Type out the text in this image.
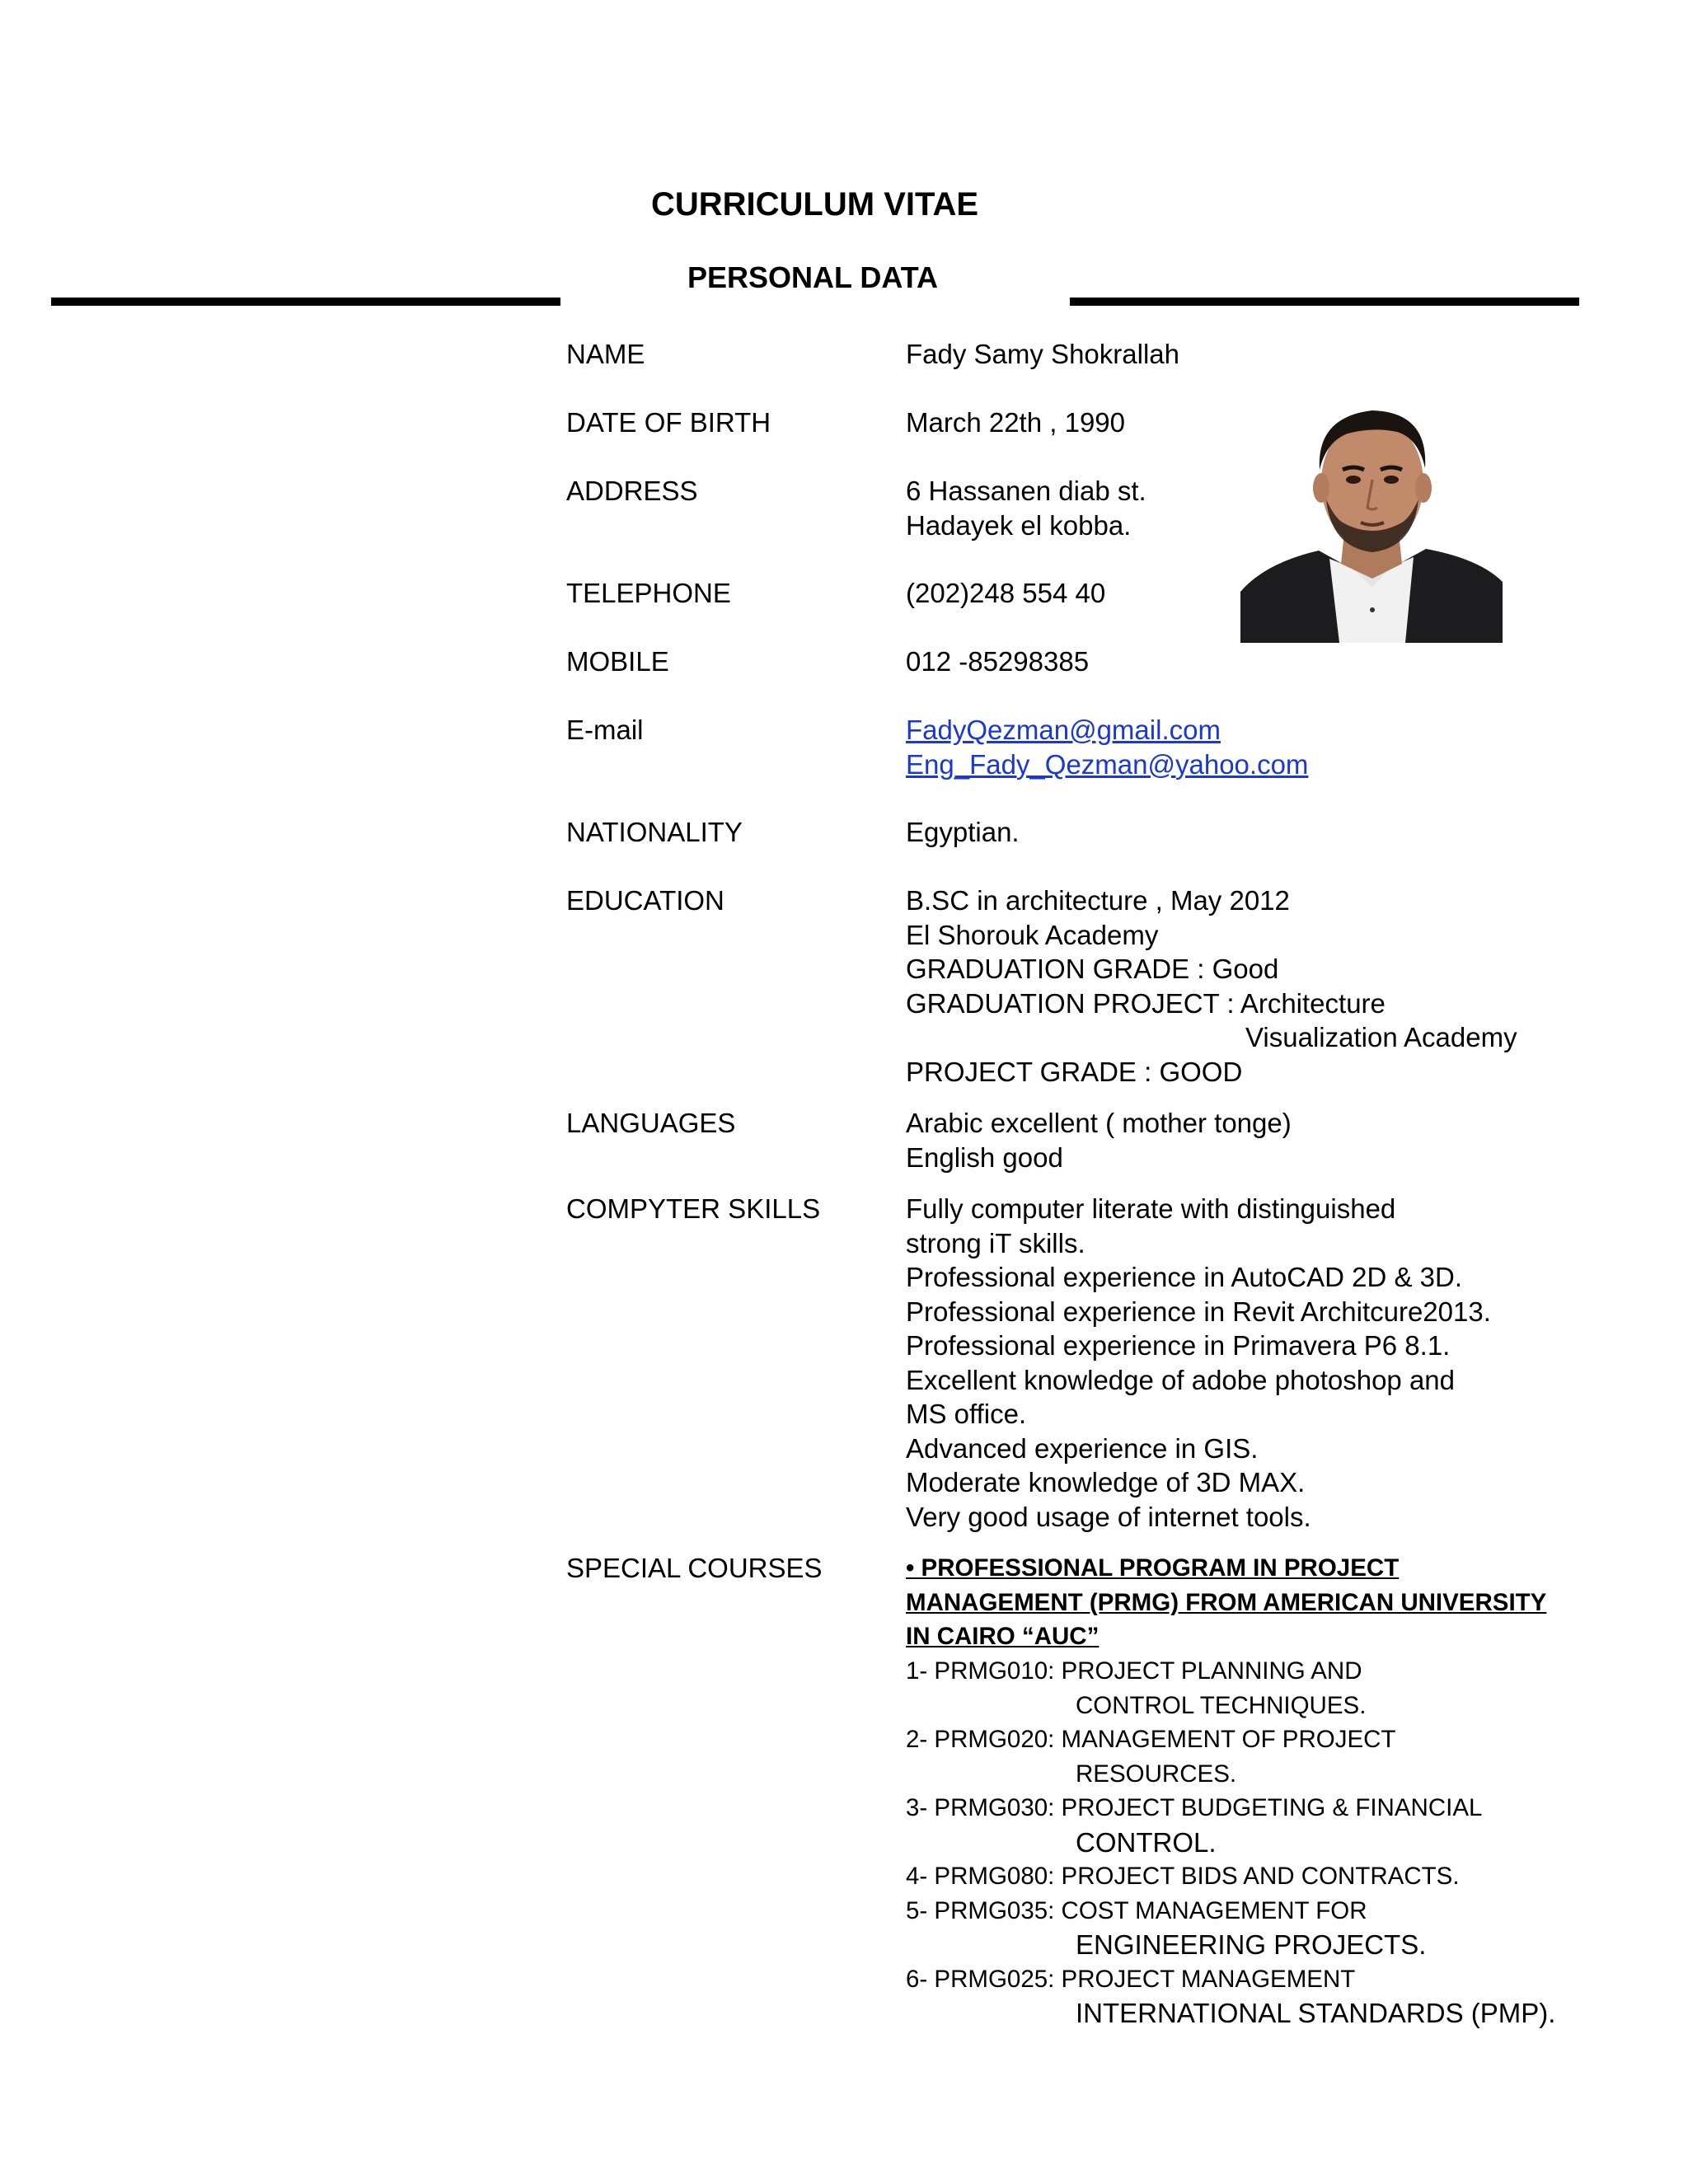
CURRICULUM VITAE
PERSONAL DATA
NAME	Fady Samy Shokrallah
DATE OF BIRTH	March 22th , 1990
ADDRESS	6 Hassanen diab st.
Hadayek el kobba.
TELEPHONE	(202)248 554 40
MOBILE	012 -85298385
E-mail	FadyQezman@gmail.com
Eng_Fady_Qezman@yahoo.com
NATIONALITY	Egyptian.
EDUCATION	B.SC in architecture , May 2012
El Shorouk Academy
GRADUATION GRADE : Good
GRADUATION PROJECT : Architecture
Visualization Academy
PROJECT GRADE : GOOD
LANGUAGES	Arabic excellent ( mother tonge)
English good
COMPYTER SKILLS	Fully computer literate with distinguished
strong iT skills.
Professional experience in AutoCAD 2D & 3D.
Professional experience in Revit Architcure2013.
Professional experience in Primavera P6 8.1.
Excellent knowledge of adobe photoshop and
MS office.
Advanced experience in GIS.
Moderate knowledge of 3D MAX.
Very good usage of internet tools.
SPECIAL COURSES	• PROFESSIONAL PROGRAM IN PROJECT
MANAGEMENT (PRMG) FROM AMERICAN UNIVERSITY
IN CAIRO “AUC”
1- PRMG010: PROJECT PLANNING AND
CONTROL TECHNIQUES.
2- PRMG020: MANAGEMENT OF PROJECT
RESOURCES.
3- PRMG030: PROJECT BUDGETING & FINANCIAL
CONTROL.
4- PRMG080: PROJECT BIDS AND CONTRACTS.
5- PRMG035: COST MANAGEMENT FOR
ENGINEERING PROJECTS.
6- PRMG025: PROJECT MANAGEMENT
INTERNATIONAL STANDARDS (PMP).
